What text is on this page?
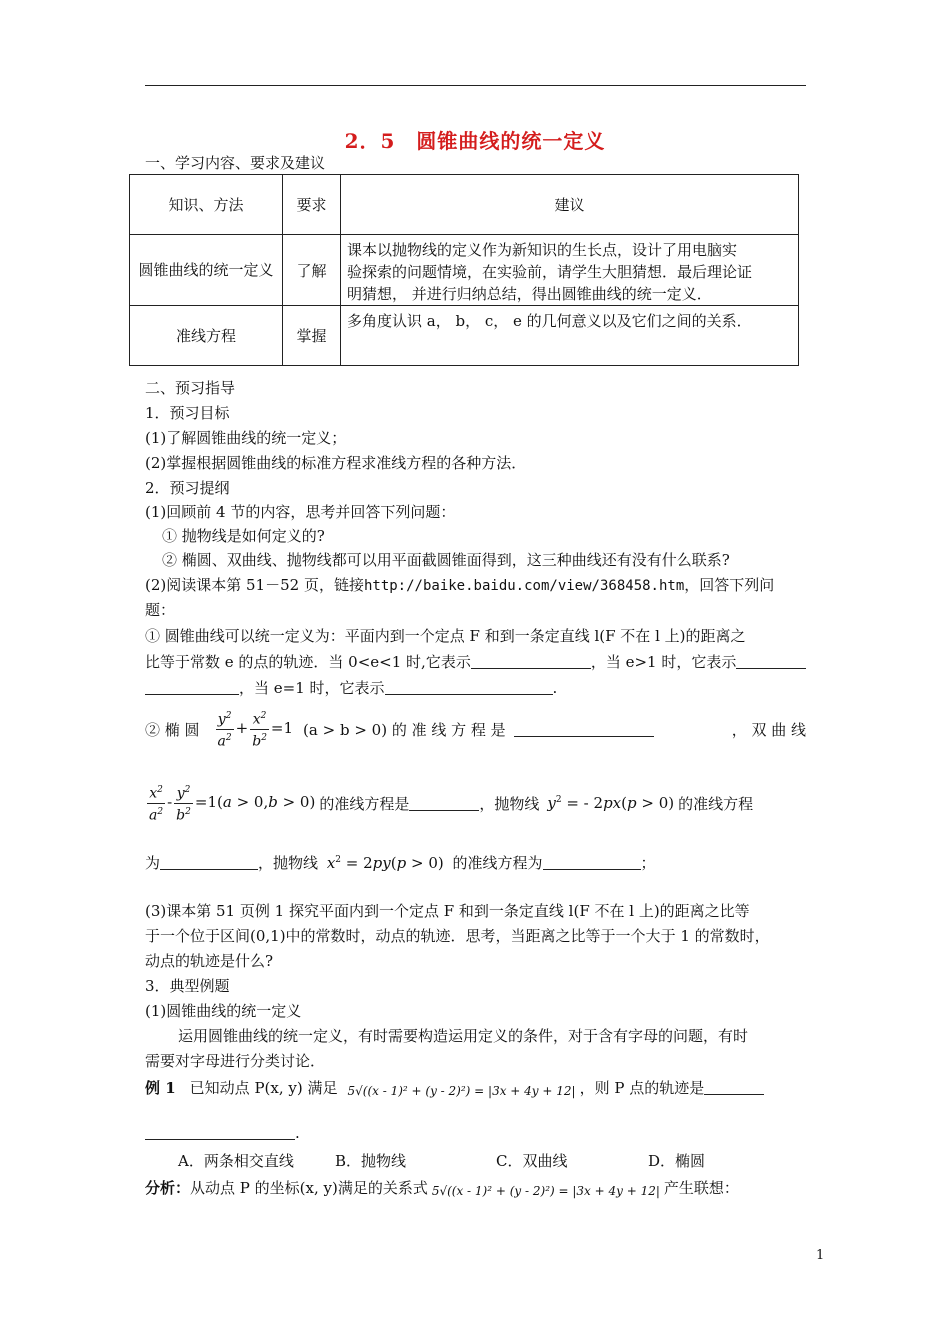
2．5　圆锥曲线的统一定义
一、学习内容、要求及建议
知识、方法	要求	建议
圆锥曲线的统一定义	了解	课本以抛物线的定义作为新知识的生长点，设计了用电脑实
验探索的问题情境，在实验前，请学生大胆猜想．最后理论证
明猜想， 并进行归纳总结，得出圆锥曲线的统一定义．

准线方程	掌握	多角度认识 a， b， c， e 的几何意义以及它们之间的关系．
二、预习指导
1．预习目标
(1)了解圆锥曲线的统一定义；
(2)掌握根据圆锥曲线的标准方程求准线方程的各种方法．
2．预习提纲
(1)回顾前 4 节的内容，思考并回答下列问题：
① 抛物线是如何定义的?
② 椭圆、双曲线、抛物线都可以用平面截圆锥面得到，这三种曲线还有没有什么联系?
(2)阅读课本第 51－52 页，链接http://baike.baidu.com/view/368458.htm，回答下列问
题：
① 圆锥曲线可以统一定义为：平面内到一个定点 F 和到一条定直线 l(F 不在 l 上)的距离之
比等于常数 e 的点的轨迹．当 0<e<1 时,它表示	，当 e>1 时，它表示
，当 e=1 时，它表示	.
② 椭 圆 $\frac{y^2}{a^2} + \frac{x^2}{b^2} =1$ (a > b > 0) 的 准 线 方 程 是	， 双 曲 线
$\frac{x^2}{a^2} - \frac{y^2}{b^2} =1(a > 0,b > 0)$ 的准线方程是	，抛物线 $y^2$ = - 2px(p > 0) 的准线方程
为	，抛物线 $x^2 = 2py(p > 0)$ 的准线方程为	；
(3)课本第 51 页例 1 探究平面内到一个定点 F 和到一条定直线 l(F 不在 l 上)的距离之比等
于一个位于区间(0,1)中的常数时，动点的轨迹．思考，当距离之比等于一个大于 1 的常数时，
动点的轨迹是什么?
3．典型例题
(1)圆锥曲线的统一定义
运用圆锥曲线的统一定义，有时需要构造运用定义的条件，对于含有字母的问题，有时
需要对字母进行分类讨论．
例 1 已知动点 P(x, y) 满足 5√((x - 1)² + (y - 2)²) = |3x + 4y + 12| ，则 P 点的轨迹是
.
A．两条相交直线	B．抛物线	C．双曲线	D．椭圆
分析： 从动点 P 的坐标(x, y)满足的关系式 5√((x - 1)² + (y - 2)²) = |3x + 4y + 12| 产生联想：
1
